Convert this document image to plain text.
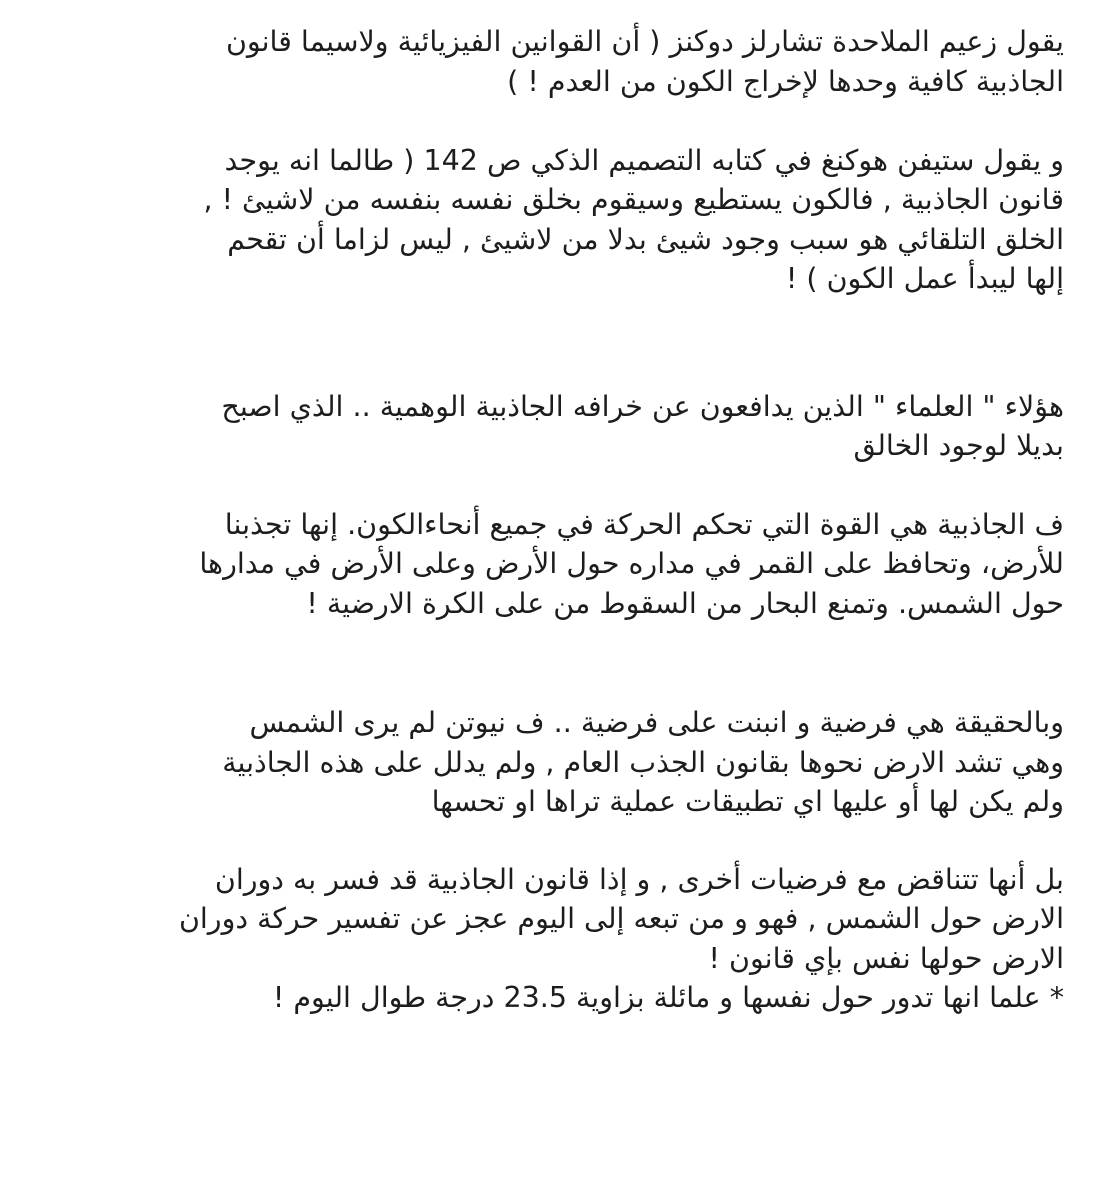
يقول زعيم الملاحدة تشارلز دوكنز ( أن القوانين الفيزيائية ولاسيما قانون
الجاذبية كافية وحدها لإخراج الكون من العدم ! )

و يقول ستيفن هوكنغ في كتابه التصميم الذكي ص 142 ( طالما انه يوجد
قانون الجاذبية , فالكون يستطيع وسيقوم بخلق نفسه بنفسه من لاشيئ ! ,
الخلق التلقائي هو سبب وجود شيئ بدلا من لاشيئ , ليس لزاما أن تقحم
إلها ليبدأ عمل الكون ) !

هؤلاء " العلماء " الذين يدافعون عن خرافه الجاذبية الوهمية .. الذي اصبح
بديلا لوجود الخالق

ف الجاذبية هي القوة التي تحكم الحركة في جميع أنحاءالكون. إنها تجذبنا
للأرض، وتحافظ على القمر في مداره حول الأرض وعلى الأرض في مدارها
حول الشمس. وتمنع البحار من السقوط من على الكرة الارضية !

وبالحقيقة هي فرضية و انبنت على فرضية .. ف نيوتن لم يرى الشمس
وهي تشد الارض نحوها بقانون الجذب العام , ولم يدلل على هذه الجاذبية
ولم يكن لها أو عليها اي تطبيقات عملية تراها او تحسها

بل أنها تتناقض مع فرضيات أخرى , و إذا قانون الجاذبية قد فسر به دوران
الارض حول الشمس , فهو و من تبعه إلى اليوم عجز عن تفسير حركة دوران
الارض حولها نفس بإي قانون !
* علما انها تدور حول نفسها و مائلة بزاوية 23.5 درجة طوال اليوم !
